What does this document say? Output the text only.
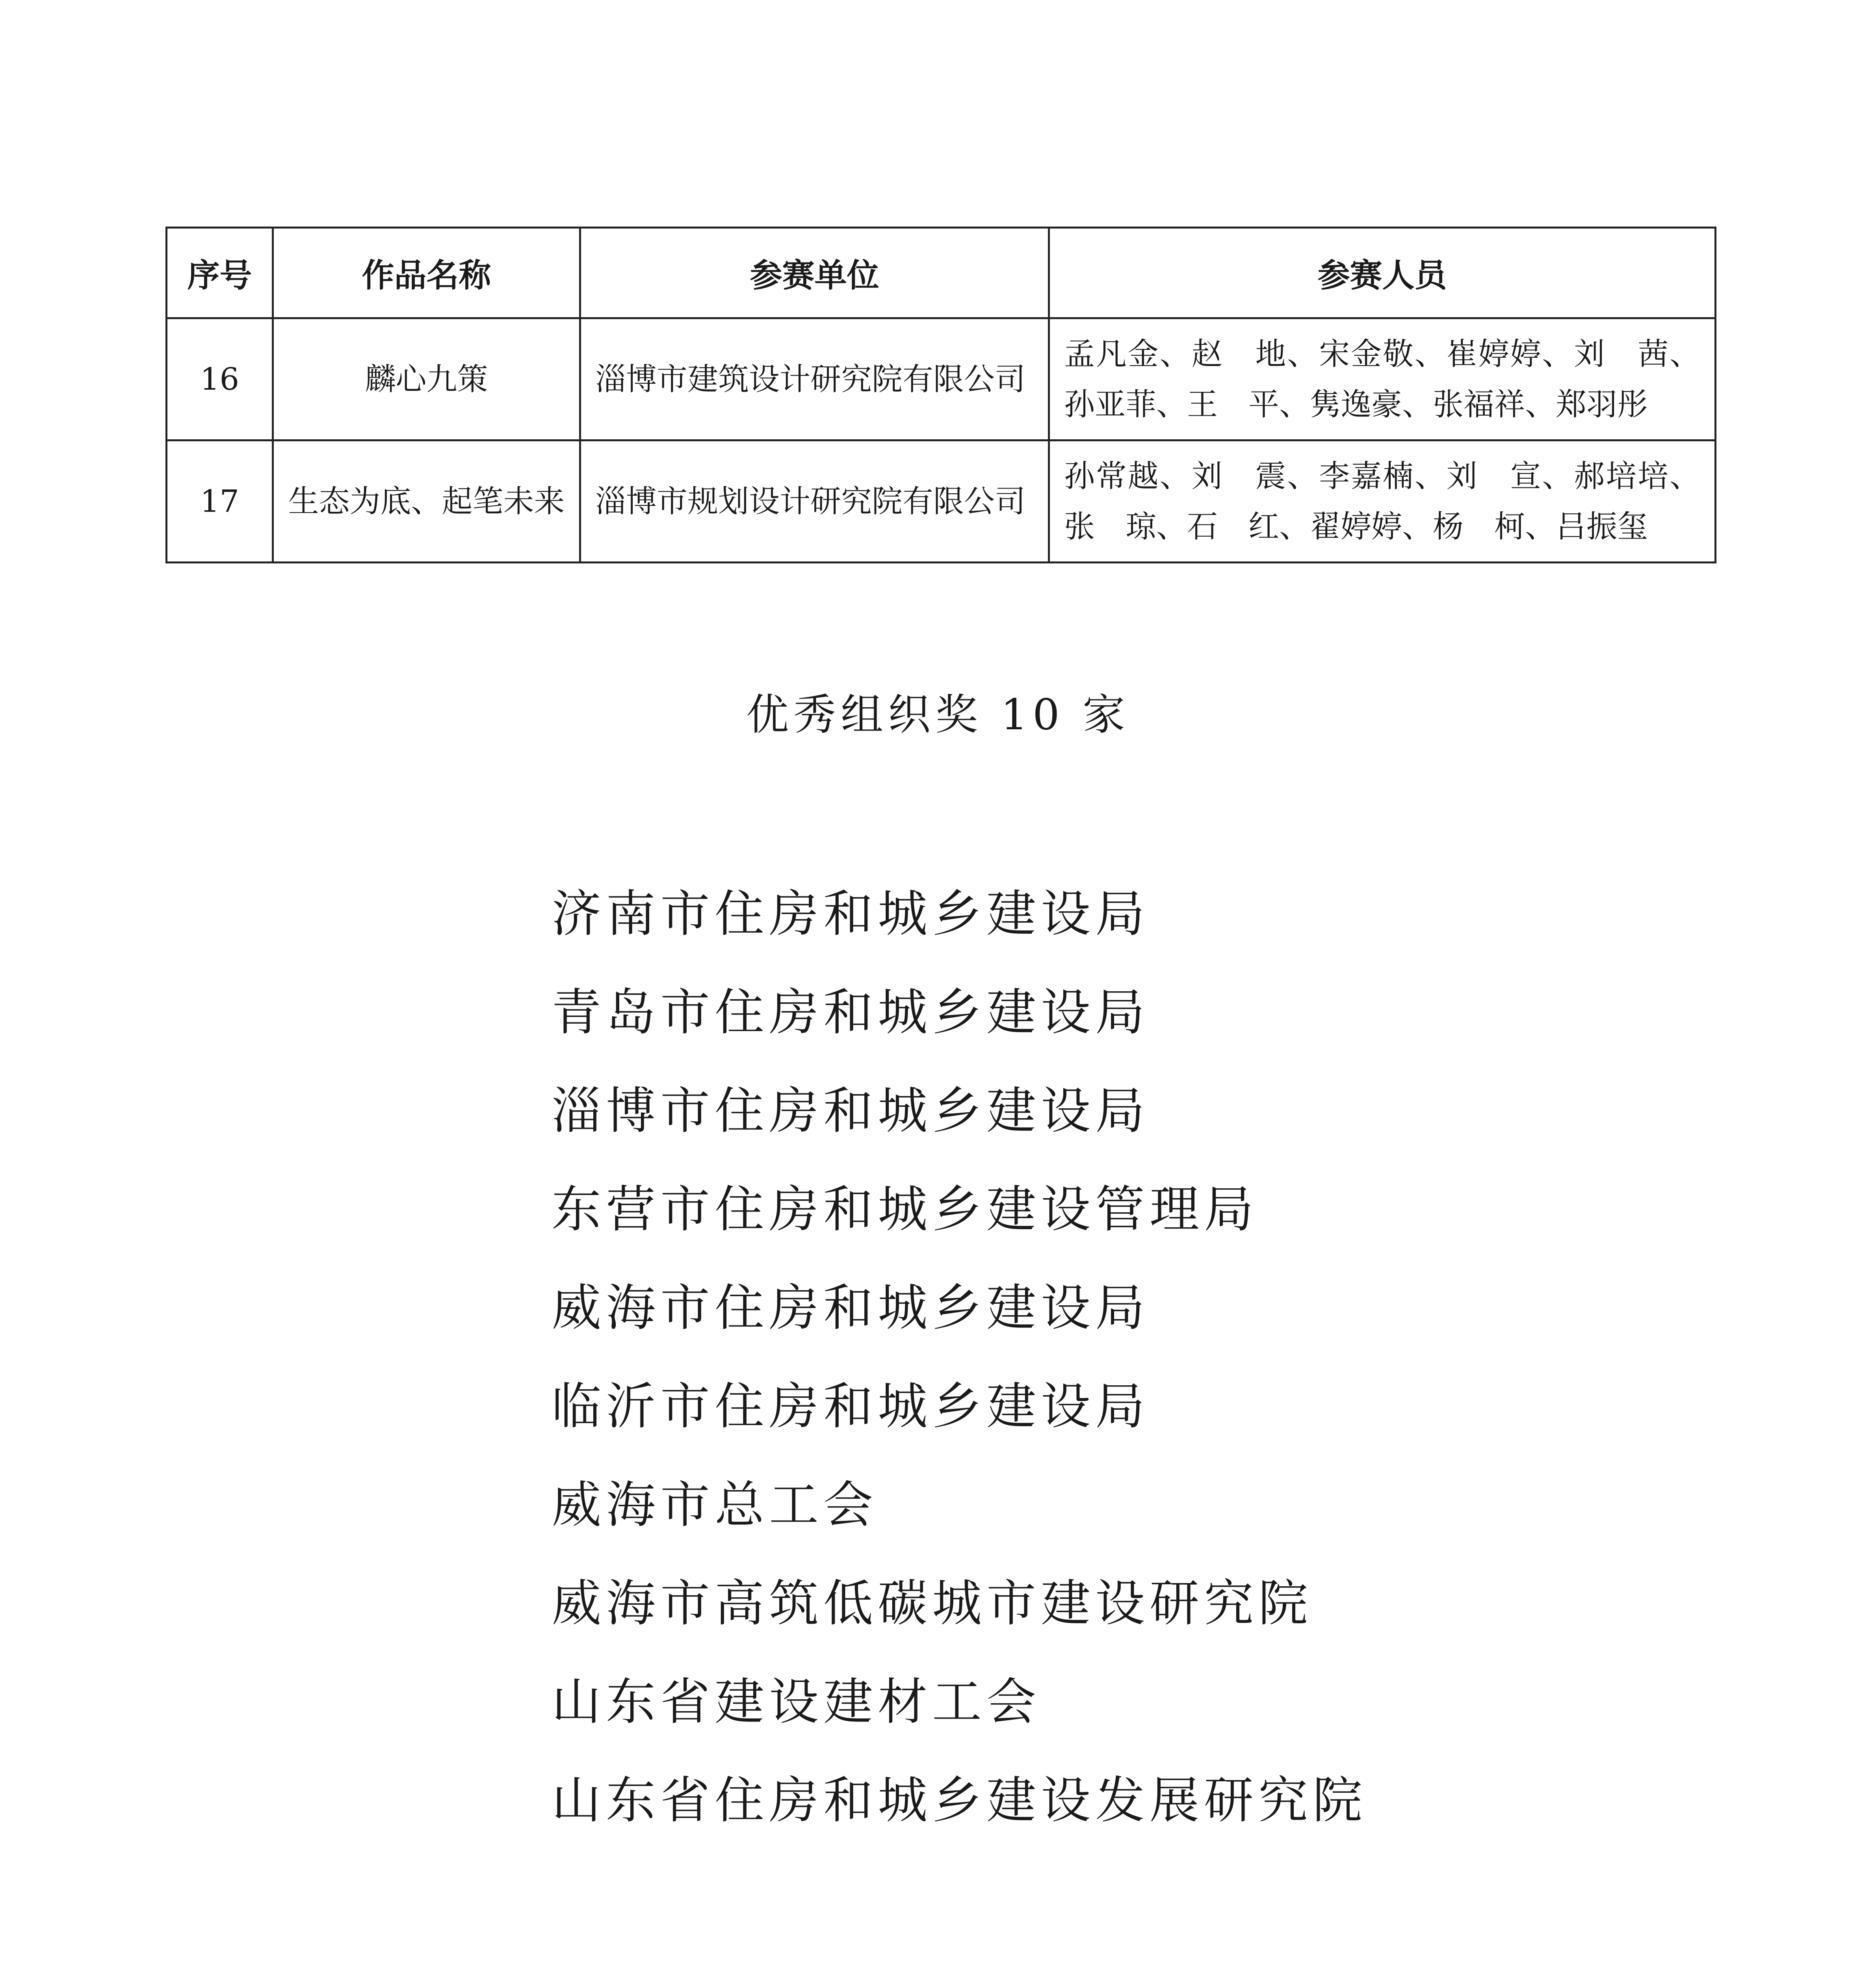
序号	作品名称	参赛单位	参赛人员
16	麟心九策	淄博市建筑设计研究院有限公司	孟凡金、赵　地、宋金敬、崔婷婷、刘　茜、孙亚菲、王　平、隽逸豪、张福祥、郑羽彤
17	生态为底、起笔未来	淄博市规划设计研究院有限公司	孙常越、刘　震、李嘉楠、刘　宣、郝培培、张　琼、石　红、翟婷婷、杨　柯、吕振玺
优秀组织奖 10 家
济南市住房和城乡建设局
青岛市住房和城乡建设局
淄博市住房和城乡建设局
东营市住房和城乡建设管理局
威海市住房和城乡建设局
临沂市住房和城乡建设局
威海市总工会
威海市高筑低碳城市建设研究院
山东省建设建材工会
山东省住房和城乡建设发展研究院
